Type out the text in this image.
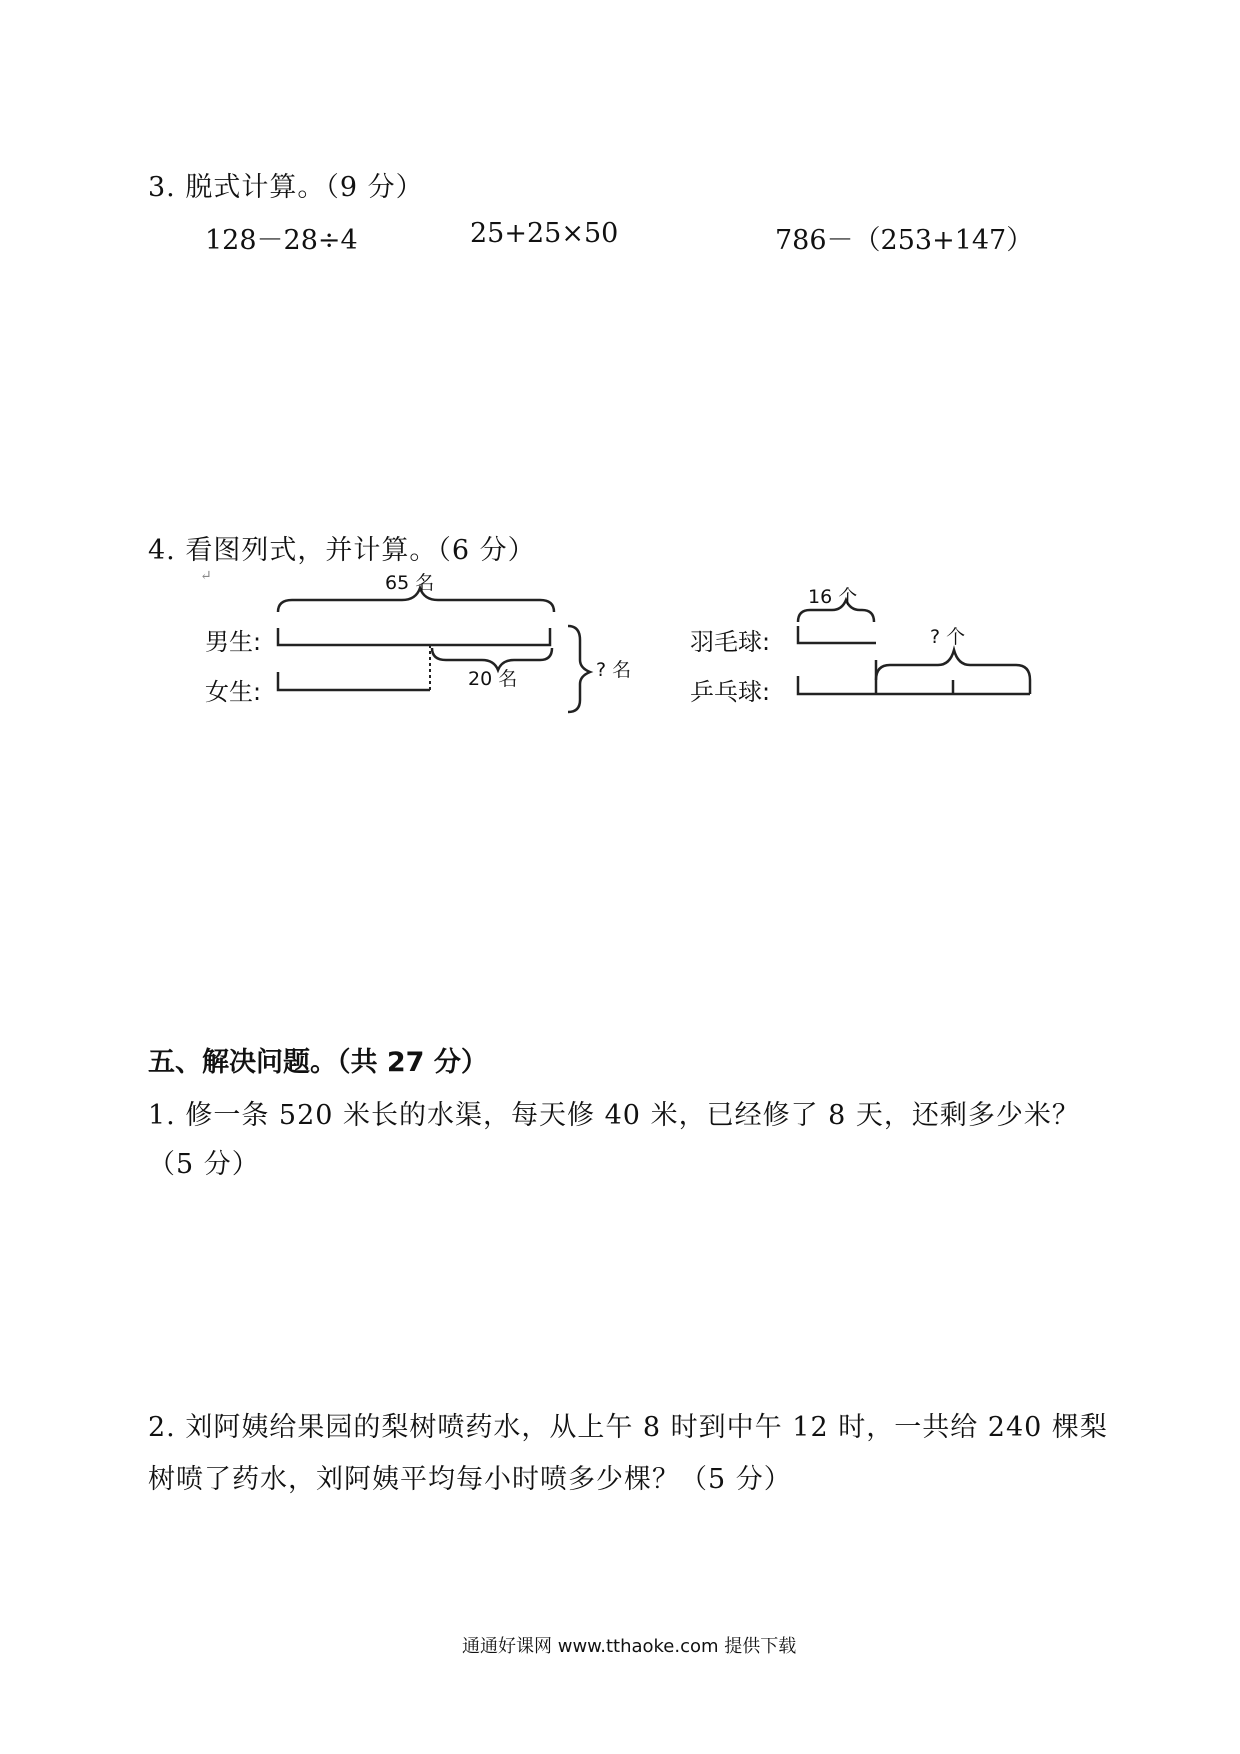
3. 脱式计算。（9 分）
128－28÷4	25+25×50	786－（253+147）
4. 看图列式，并计算。（6 分）
↵	65 名
男生:
女生:	20 名	? 名
16 个
羽毛球:
乒乓球:
? 个
五、解决问题。（共 27 分）
1. 修一条 520 米长的水渠，每天修 40 米，已经修了 8 天，还剩多少米？
（5 分）
2. 刘阿姨给果园的梨树喷药水，从上午 8 时到中午 12 时，一共给 240 棵梨
树喷了药水，刘阿姨平均每小时喷多少棵？（5 分）
通通好课网 www.tthaoke.com 提供下载
